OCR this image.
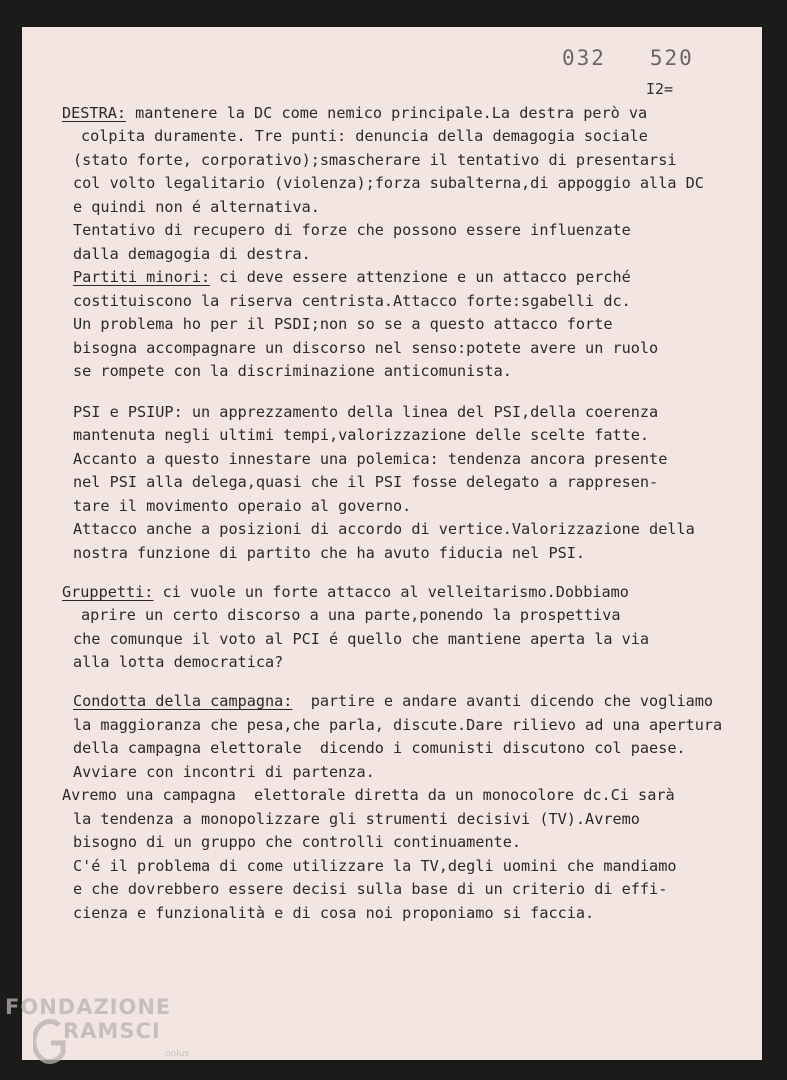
032   520
I2=
DESTRA: mantenere la DC come nemico principale.La destra però va
colpita duramente. Tre punti: denuncia della demagogia sociale
(stato forte, corporativo);smascherare il tentativo di presentarsi
col volto legalitario (violenza);forza subalterna,di appoggio alla DC
e quindi non é alternativa.
Tentativo di recupero di forze che possono essere influenzate
dalla demagogia di destra.
Partiti minori: ci deve essere attenzione e un attacco perché
costituiscono la riserva centrista.Attacco forte:sgabelli dc.
Un problema ho per il PSDI;non so se a questo attacco forte
bisogna accompagnare un discorso nel senso:potete avere un ruolo
se rompete con la discriminazione anticomunista.
PSI e PSIUP: un apprezzamento della linea del PSI,della coerenza
mantenuta negli ultimi tempi,valorizzazione delle scelte fatte.
Accanto a questo innestare una polemica: tendenza ancora presente
nel PSI alla delega,quasi che il PSI fosse delegato a rappresen-
tare il movimento operaio al governo.
Attacco anche a posizioni di accordo di vertice.Valorizzazione della
nostra funzione di partito che ha avuto fiducia nel PSI.
Gruppetti: ci vuole un forte attacco al velleitarismo.Dobbiamo
aprire un certo discorso a una parte,ponendo la prospettiva
che comunque il voto al PCI é quello che mantiene aperta la via
alla lotta democratica?
Condotta della campagna:  partire e andare avanti dicendo che vogliamo
la maggioranza che pesa,che parla, discute.Dare rilievo ad una apertura
della campagna elettorale  dicendo i comunisti discutono col paese.
Avviare con incontri di partenza.
Avremo una campagna  elettorale diretta da un monocolore dc.Ci sarà
la tendenza a monopolizzare gli strumenti decisivi (TV).Avremo
bisogno di un gruppo che controlli continuamente.
C'é il problema di come utilizzare la TV,degli uomini che mandiamo
e che dovrebbero essere decisi sulla base di un criterio di effi-
cienza e funzionalità e di cosa noi proponiamo si faccia.
FONDAZIONE
RAMSCI
onlus
